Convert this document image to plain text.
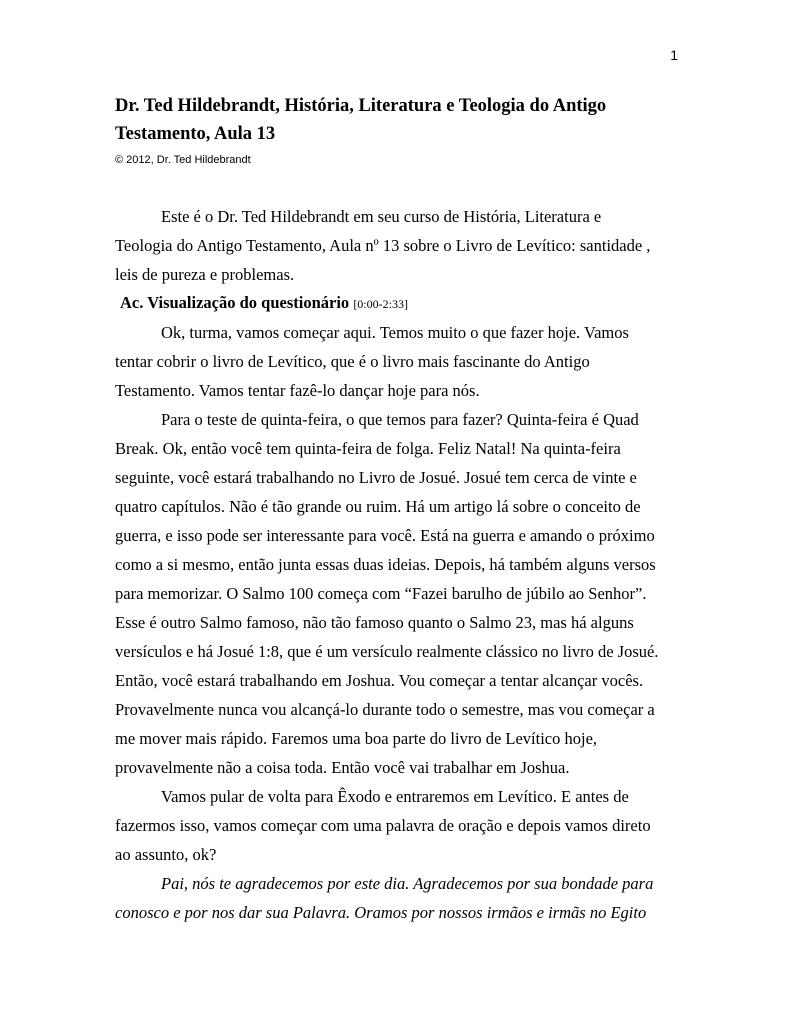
1
Dr. Ted Hildebrandt, História, Literatura e Teologia do Antigo
Testamento, Aula 13

© 2012, Dr. Ted Hildebrandt

Este é o Dr. Ted Hildebrandt em seu curso de História, Literatura e
Teologia do Antigo Testamento, Aula nº 13 sobre o Livro de Levítico: santidade ,
leis de pureza e problemas.

Ac. Visualização do questionário [0:00-2:33]

Ok, turma, vamos começar aqui. Temos muito o que fazer hoje. Vamos
tentar cobrir o livro de Levítico, que é o livro mais fascinante do Antigo
Testamento. Vamos tentar fazê-lo dançar hoje para nós.

Para o teste de quinta-feira, o que temos para fazer? Quinta-feira é Quad
Break. Ok, então você tem quinta-feira de folga. Feliz Natal! Na quinta-feira
seguinte, você estará trabalhando no Livro de Josué. Josué tem cerca de vinte e
quatro capítulos. Não é tão grande ou ruim. Há um artigo lá sobre o conceito de
guerra, e isso pode ser interessante para você. Está na guerra e amando o próximo
como a si mesmo, então junta essas duas ideias. Depois, há também alguns versos
para memorizar. O Salmo 100 começa com “Fazei barulho de júbilo ao Senhor”.
Esse é outro Salmo famoso, não tão famoso quanto o Salmo 23, mas há alguns
versículos e há Josué 1:8, que é um versículo realmente clássico no livro de Josué.
Então, você estará trabalhando em Joshua. Vou começar a tentar alcançar vocês.
Provavelmente nunca vou alcançá-lo durante todo o semestre, mas vou começar a
me mover mais rápido. Faremos uma boa parte do livro de Levítico hoje,
provavelmente não a coisa toda. Então você vai trabalhar em Joshua.

Vamos pular de volta para Êxodo e entraremos em Levítico. E antes de
fazermos isso, vamos começar com uma palavra de oração e depois vamos direto
ao assunto, ok?

Pai, nós te agradecemos por este dia. Agradecemos por sua bondade para
conosco e por nos dar sua Palavra. Oramos por nossos irmãos e irmãs no Egito
